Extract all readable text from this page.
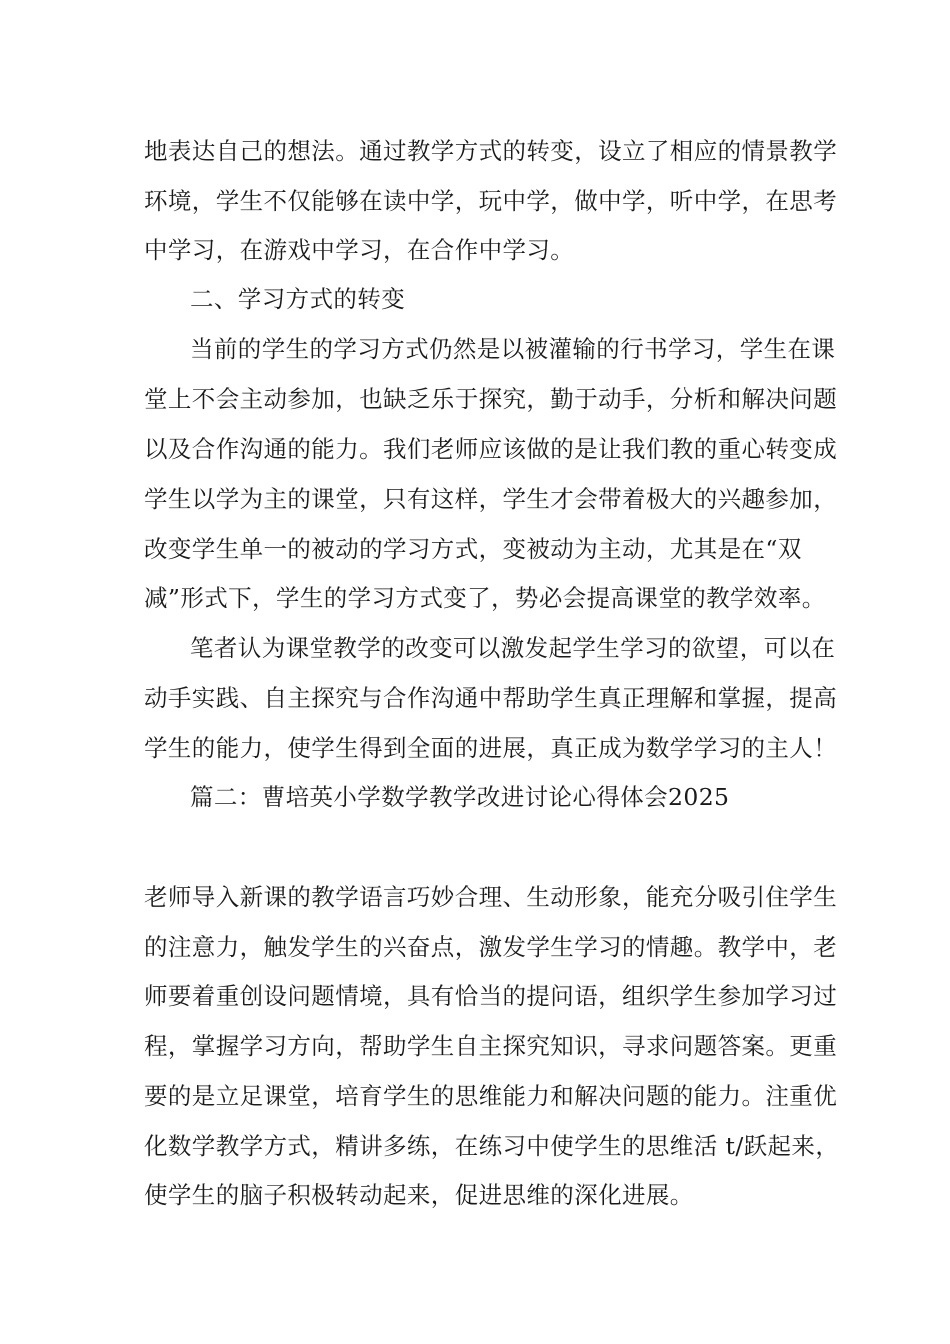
地表达自己的想法。通过教学方式的转变，设立了相应的情景教学
环境，学生不仅能够在读中学，玩中学，做中学，听中学，在思考
中学习，在游戏中学习，在合作中学习。
二、学习方式的转变
当前的学生的学习方式仍然是以被灌输的行书学习，学生在课
堂上不会主动参加，也缺乏乐于探究，勤于动手，分析和解决问题
以及合作沟通的能力。我们老师应该做的是让我们教的重心转变成
学生以学为主的课堂，只有这样，学生才会带着极大的兴趣参加，
改变学生单一的被动的学习方式，变被动为主动，尤其是在“双
减”形式下，学生的学习方式变了，势必会提高课堂的教学效率。
笔者认为课堂教学的改变可以激发起学生学习的欲望，可以在
动手实践、自主探究与合作沟通中帮助学生真正理解和掌握，提高
学生的能力，使学生得到全面的进展，真正成为数学学习的主人！
篇二：曹培英小学数学教学改进讨论心得体会2025
老师导入新课的教学语言巧妙合理、生动形象，能充分吸引住学生
的注意力，触发学生的兴奋点，激发学生学习的情趣。教学中，老
师要着重创设问题情境，具有恰当的提问语，组织学生参加学习过
程，掌握学习方向，帮助学生自主探究知识，寻求问题答案。更重
要的是立足课堂，培育学生的思维能力和解决问题的能力。注重优
化数学教学方式，精讲多练，在练习中使学生的思维活 t/跃起来，
使学生的脑子积极转动起来，促进思维的深化进展。
